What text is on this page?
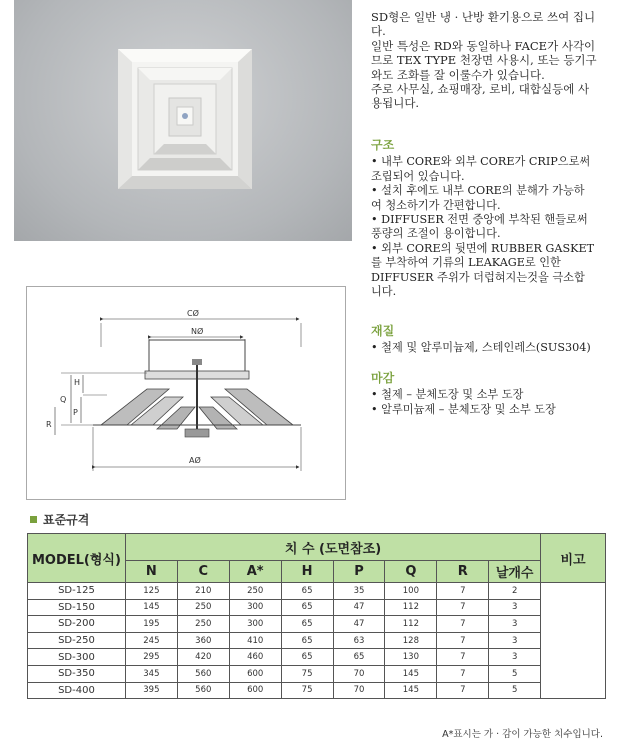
SD형은 일반 냉 · 난방 환기용으로 쓰여 집니
다.
일반 특성은 RD와 동일하나 FACE가 사각이
므로 TEX TYPE 천장면 사용시, 또는 등기구
와도 조화를 잘 이룰수가 있습니다.
주로 사무실, 쇼핑매장, 로비, 대합실등에 사
용됩니다.
구조
• 내부 CORE와 외부 CORE가 CRIP으로써
조립되어 있습니다.
• 설치 후에도 내부 CORE의 분해가 가능하
여 청소하기가 간편합니다.
• DIFFUSER 전면 중앙에 부착된 핸들로써
풍량의 조절이 용이합니다.
• 외부 CORE의 뒷면에 RUBBER GASKET
를 부착하여 기류의 LEAKAGE로 인한
DIFFUSER 주위가 더럽혀지는것을 극소합
니다.
재질
• 철제 및 알루미늄제, 스테인레스(SUS304)
마감
• 철제 – 분체도장 및 소부 도장
• 알루미늄제 – 분체도장 및 소부 도장
CØ
NØ
AØ
H
Q
P
R
표준규격
MODEL(형식)	치 수 (도면참조)								비고
	N	C	A*	H	P	Q	R	날개수	
SD-125	125	210	250	65	35	100	7	2	
SD-150	145	250	300	65	47	112	7	3	
SD-200	195	250	300	65	47	112	7	3	
SD-250	245	360	410	65	63	128	7	3	
SD-300	295	420	460	65	65	130	7	3	
SD-350	345	560	600	75	70	145	7	5	
SD-400	395	560	600	75	70	145	7	5	
A*표시는 가 · 감이 가능한 치수입니다.
